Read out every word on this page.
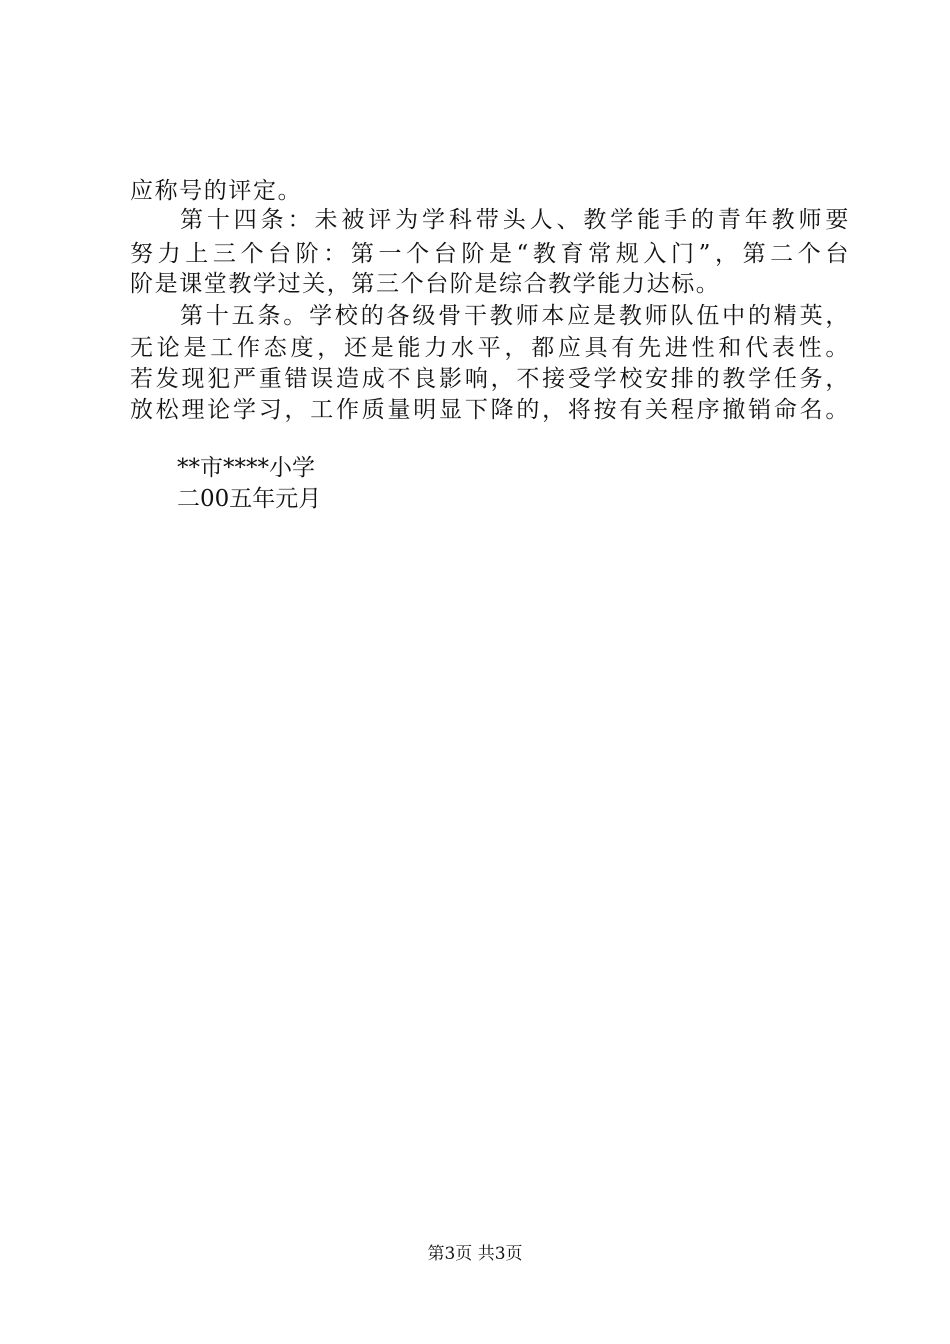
应称号的评定。
第十四条：未被评为学科带头人、教学能手的青年教师要
努力上三个台阶：第一个台阶是“教育常规入门”，第二个台
阶是课堂教学过关，第三个台阶是综合教学能力达标。
第十五条。学校的各级骨干教师本应是教师队伍中的精英，
无论是工作态度，还是能力水平，都应具有先进性和代表性。
若发现犯严重错误造成不良影响，不接受学校安排的教学任务，
放松理论学习，工作质量明显下降的，将按有关程序撤销命名。
**市****小学
二00五年元月
第3页 共3页
